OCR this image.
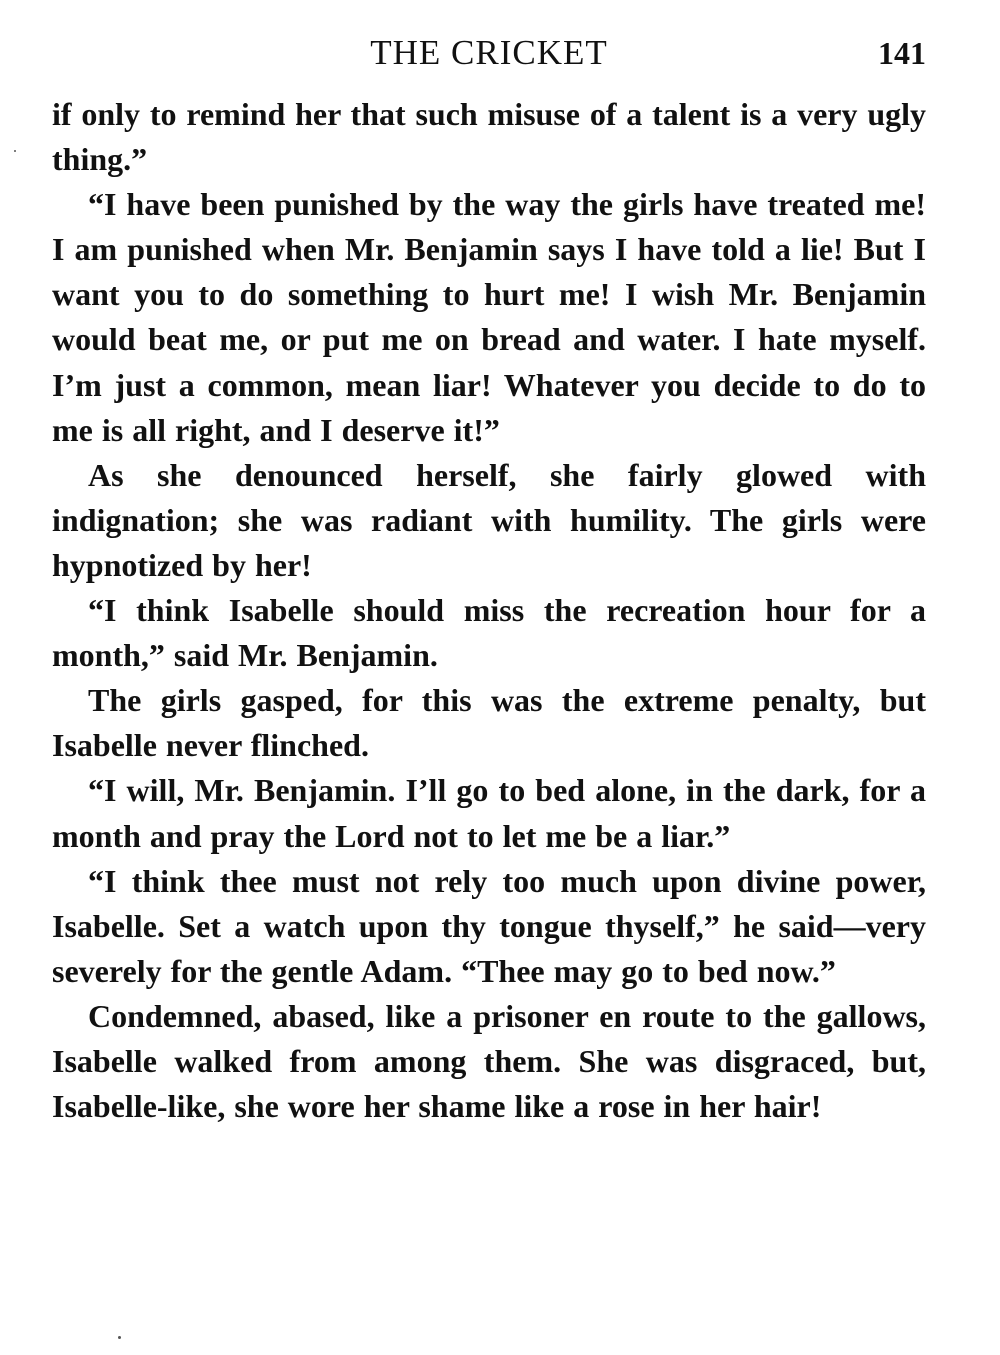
THE CRICKET	141

if only to remind her that such misuse of a talent is a very ugly thing.”

“I have been punished by the way the girls have treated me! I am punished when Mr. Benjamin says I have told a lie! But I want you to do something to hurt me! I wish Mr. Benjamin would beat me, or put me on bread and water. I hate myself. I’m just a common, mean liar! Whatever you decide to do to me is all right, and I deserve it!”

As she denounced herself, she fairly glowed with indignation; she was radiant with humility. The girls were hypnotized by her!

“I think Isabelle should miss the recreation hour for a month,” said Mr. Benjamin.

The girls gasped, for this was the extreme penalty, but Isabelle never flinched.

“I will, Mr. Benjamin. I’ll go to bed alone, in the dark, for a month and pray the Lord not to let me be a liar.”

“I think thee must not rely too much upon divine power, Isabelle. Set a watch upon thy tongue thyself,” he said—very severely for the gentle Adam. “Thee may go to bed now.”

Condemned, abased, like a prisoner en route to the gallows, Isabelle walked from among them. She was disgraced, but, Isabelle-like, she wore her shame like a rose in her hair!
